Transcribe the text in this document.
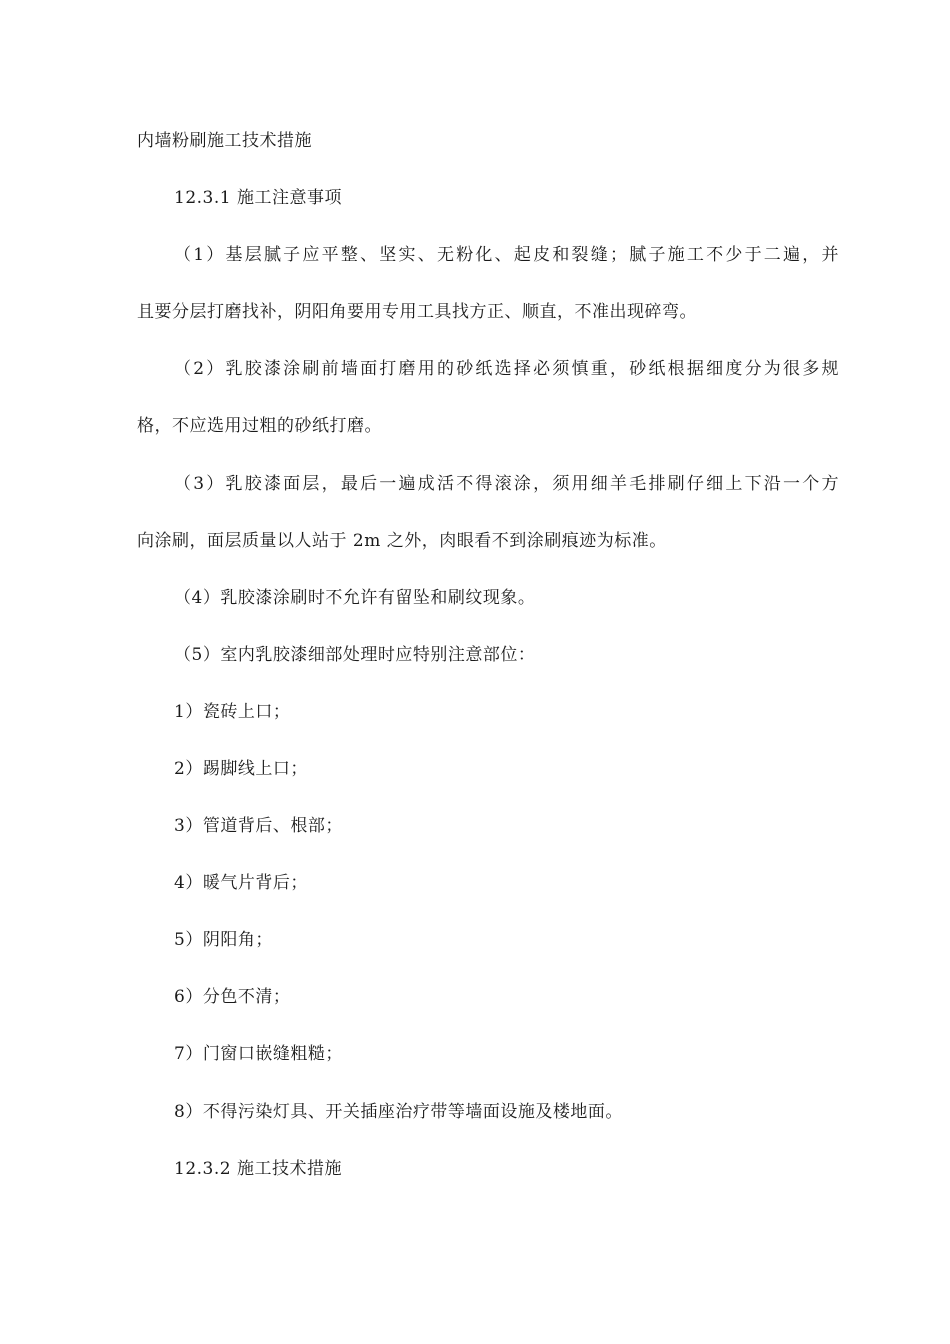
内墙粉刷施工技术措施
12.3.1 施工注意事项
（1）基层腻子应平整、坚实、无粉化、起皮和裂缝；腻子施工不少于二遍，并
且要分层打磨找补，阴阳角要用专用工具找方正、顺直，不准出现碎弯。
（2）乳胶漆涂刷前墙面打磨用的砂纸选择必须慎重，砂纸根据细度分为很多规
格，不应选用过粗的砂纸打磨。
（3）乳胶漆面层，最后一遍成活不得滚涂，须用细羊毛排刷仔细上下沿一个方
向涂刷，面层质量以人站于 2m 之外，肉眼看不到涂刷痕迹为标准。
（4）乳胶漆涂刷时不允许有留坠和刷纹现象。
（5）室内乳胶漆细部处理时应特别注意部位：
1）瓷砖上口；
2）踢脚线上口；
3）管道背后、根部；
4）暖气片背后；
5）阴阳角；
6）分色不清；
7）门窗口嵌缝粗糙；
8）不得污染灯具、开关插座治疗带等墙面设施及楼地面。
12.3.2 施工技术措施
